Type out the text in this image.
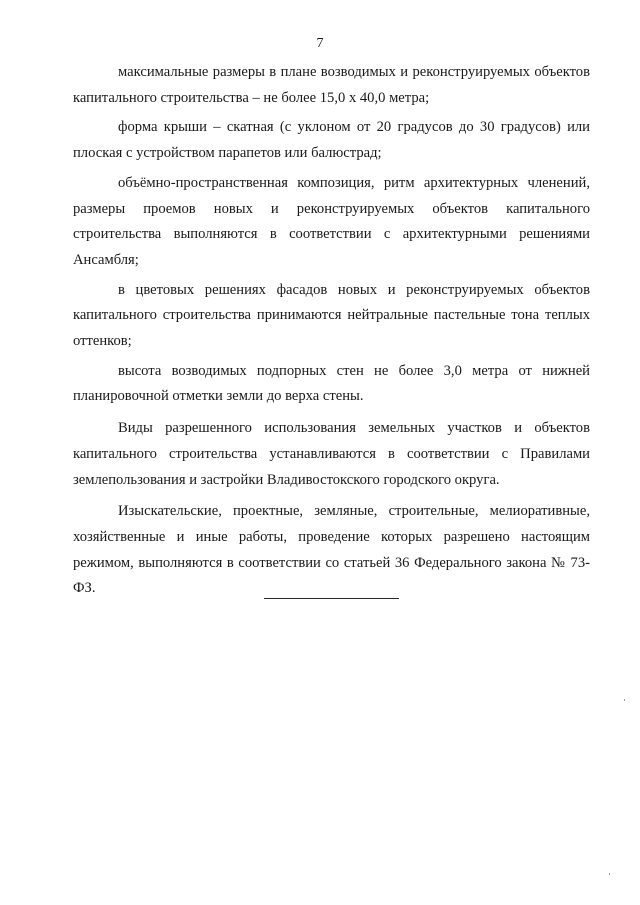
7

максимальные размеры в плане возводимых и реконструируемых объектов капитального строительства – не более 15,0 х 40,0 метра;

форма крыши – скатная (с уклоном от 20 градусов до 30 градусов) или плоская с устройством парапетов или балюстрад;

объёмно-пространственная композиция, ритм архитектурных членений, размеры проемов новых и реконструируемых объектов капитального строительства выполняются в соответствии с архитектурными решениями Ансамбля;

в цветовых решениях фасадов новых и реконструируемых объектов капитального строительства принимаются нейтральные пастельные тона теплых оттенков;

высота возводимых подпорных стен не более 3,0 метра от нижней планировочной отметки земли до верха стены.

Виды разрешенного использования земельных участков и объектов капитального строительства устанавливаются в соответствии с Правилами землепользования и застройки Владивостокского городского округа.

Изыскательские, проектные, земляные, строительные, мелиоративные, хозяйственные и иные работы, проведение которых разрешено настоящим режимом, выполняются в соответствии со статьей 36 Федерального закона № 73-ФЗ.
